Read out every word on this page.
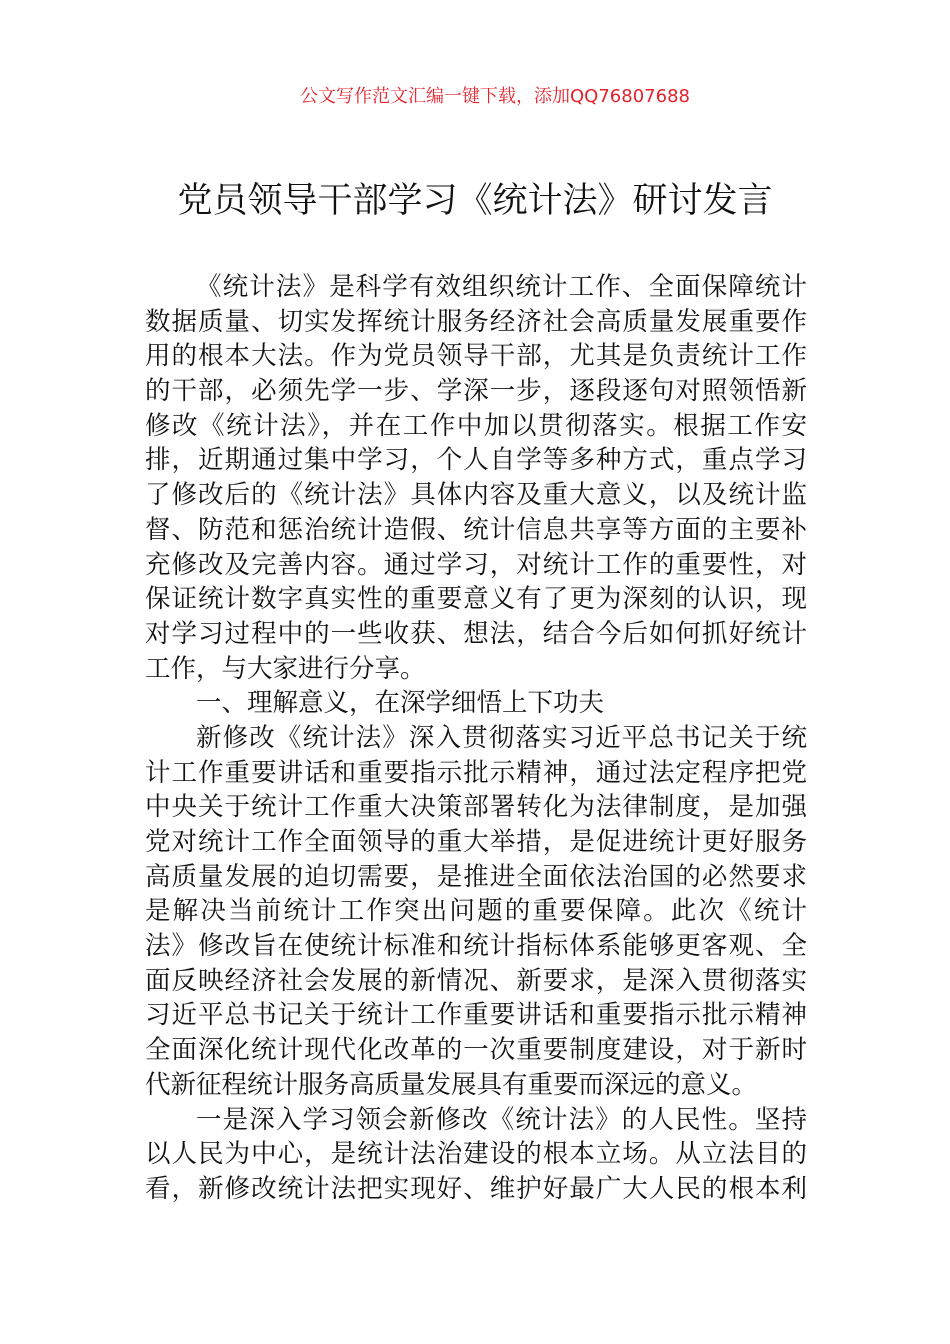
公文写作范文汇编一键下载，添加QQ76807688
党员领导干部学习《统计法》研讨发言
《统计法》是科学有效组织统计工作、全面保障统计
数据质量、切实发挥统计服务经济社会高质量发展重要作
用的根本大法。作为党员领导干部，尤其是负责统计工作
的干部，必须先学一步、学深一步，逐段逐句对照领悟新
修改《统计法》，并在工作中加以贯彻落实。根据工作安
排，近期通过集中学习，个人自学等多种方式，重点学习
了修改后的《统计法》具体内容及重大意义，以及统计监
督、防范和惩治统计造假、统计信息共享等方面的主要补
充修改及完善内容。通过学习，对统计工作的重要性，对
保证统计数字真实性的重要意义有了更为深刻的认识，现
对学习过程中的一些收获、想法，结合今后如何抓好统计
工作，与大家进行分享。
一、理解意义，在深学细悟上下功夫
新修改《统计法》深入贯彻落实习近平总书记关于统
计工作重要讲话和重要指示批示精神，通过法定程序把党
中央关于统计工作重大决策部署转化为法律制度，是加强
党对统计工作全面领导的重大举措，是促进统计更好服务
高质量发展的迫切需要，是推进全面依法治国的必然要求
是解决当前统计工作突出问题的重要保障。此次《统计
法》修改旨在使统计标准和统计指标体系能够更客观、全
面反映经济社会发展的新情况、新要求，是深入贯彻落实
习近平总书记关于统计工作重要讲话和重要指示批示精神
全面深化统计现代化改革的一次重要制度建设，对于新时
代新征程统计服务高质量发展具有重要而深远的意义。
一是深入学习领会新修改《统计法》的人民性。坚持
以人民为中心，是统计法治建设的根本立场。从立法目的
看，新修改统计法把实现好、维护好最广大人民的根本利
